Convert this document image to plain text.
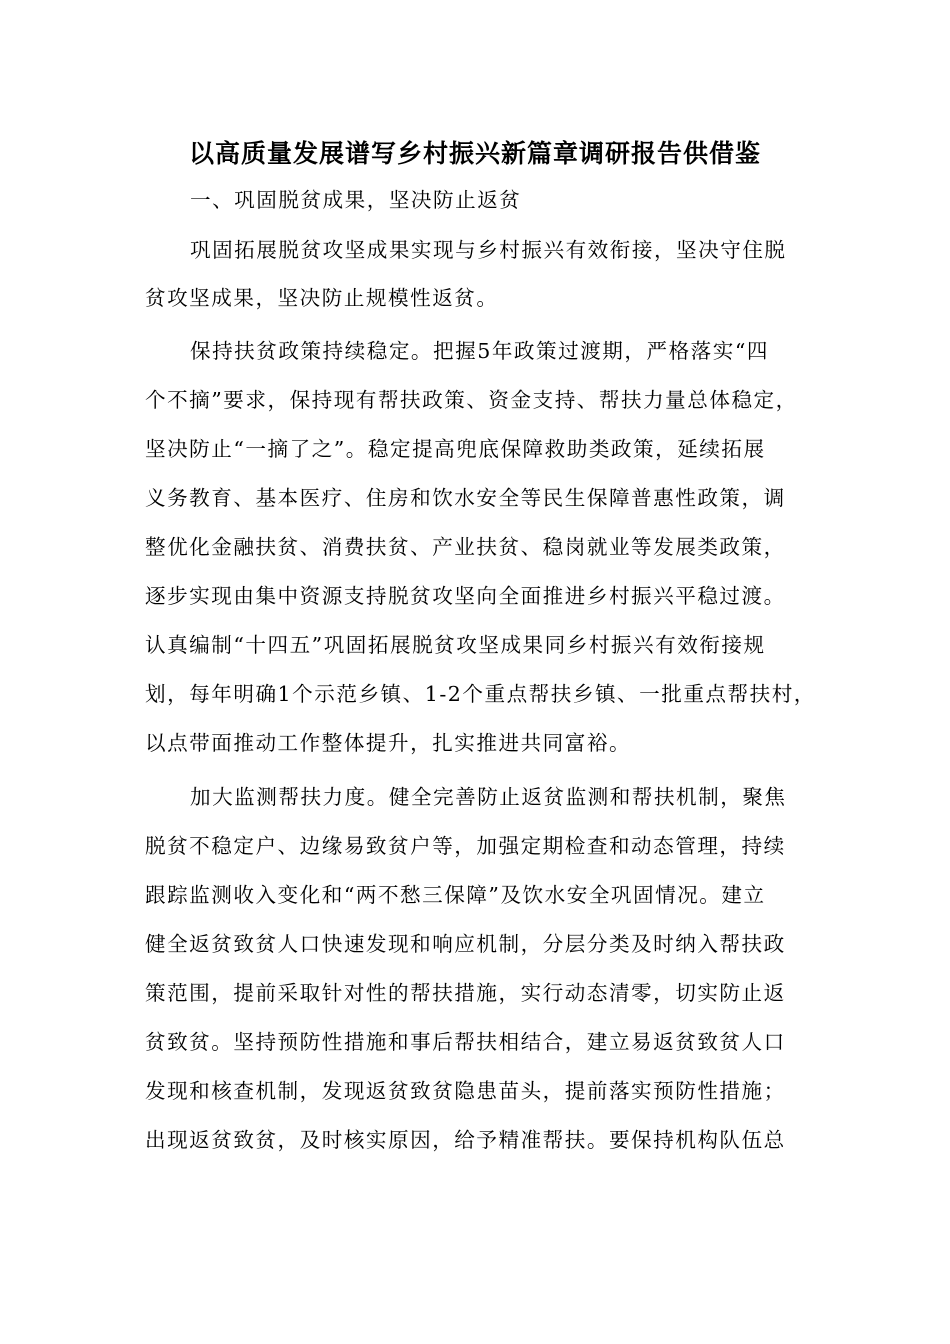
以高质量发展谱写乡村振兴新篇章调研报告供借鉴
一、巩固脱贫成果，坚决防止返贫
巩固拓展脱贫攻坚成果实现与乡村振兴有效衔接，坚决守住脱
贫攻坚成果，坚决防止规模性返贫。
保持扶贫政策持续稳定。把握5年政策过渡期，严格落实“四
个不摘”要求，保持现有帮扶政策、资金支持、帮扶力量总体稳定，
坚决防止“一摘了之”。稳定提高兜底保障救助类政策，延续拓展
义务教育、基本医疗、住房和饮水安全等民生保障普惠性政策，调
整优化金融扶贫、消费扶贫、产业扶贫、稳岗就业等发展类政策，
逐步实现由集中资源支持脱贫攻坚向全面推进乡村振兴平稳过渡。
认真编制“十四五”巩固拓展脱贫攻坚成果同乡村振兴有效衔接规
划，每年明确1个示范乡镇、1-2个重点帮扶乡镇、一批重点帮扶村，
以点带面推动工作整体提升，扎实推进共同富裕。
加大监测帮扶力度。健全完善防止返贫监测和帮扶机制，聚焦
脱贫不稳定户、边缘易致贫户等，加强定期检查和动态管理，持续
跟踪监测收入变化和“两不愁三保障”及饮水安全巩固情况。建立
健全返贫致贫人口快速发现和响应机制，分层分类及时纳入帮扶政
策范围，提前采取针对性的帮扶措施，实行动态清零，切实防止返
贫致贫。坚持预防性措施和事后帮扶相结合，建立易返贫致贫人口
发现和核查机制，发现返贫致贫隐患苗头，提前落实预防性措施；
出现返贫致贫，及时核实原因，给予精准帮扶。要保持机构队伍总
